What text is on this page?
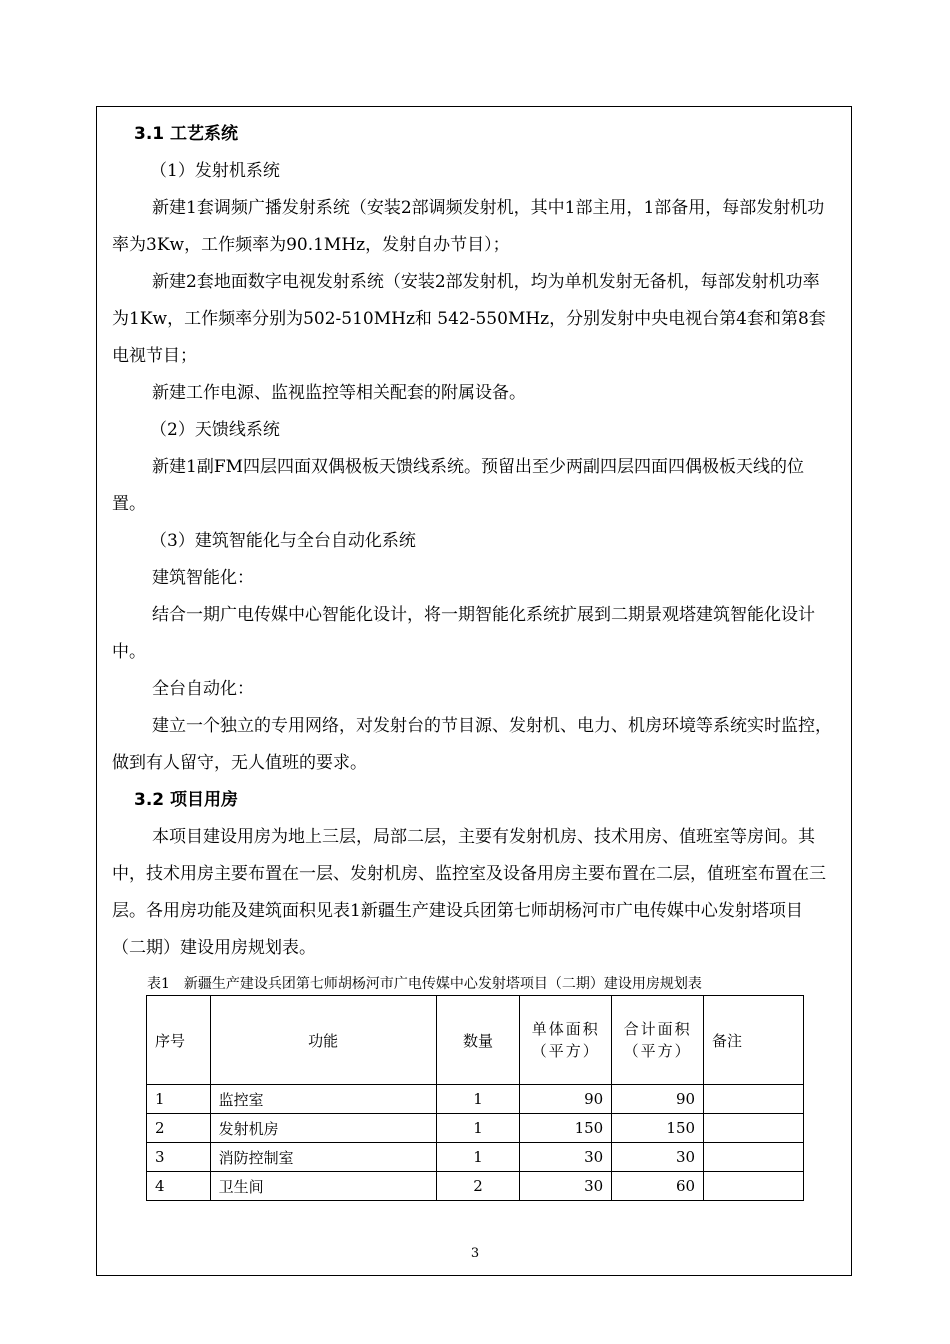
3.1 工艺系统

（1）发射机系统

新建1套调频广播发射系统（安装2部调频发射机，其中1部主用，1部备用，每部发射机功率为3Kw，工作频率为90.1MHz，发射自办节目）；

新建2套地面数字电视发射系统（安装2部发射机，均为单机发射无备机，每部发射机功率为1Kw，工作频率分别为502-510MHz和 542-550MHz，分别发射中央电视台第4套和第8套电视节目；

新建工作电源、监视监控等相关配套的附属设备。

（2）天馈线系统

新建1副FM四层四面双偶极板天馈线系统。预留出至少两副四层四面四偶极板天线的位置。

（3）建筑智能化与全台自动化系统

建筑智能化：

结合一期广电传媒中心智能化设计，将一期智能化系统扩展到二期景观塔建筑智能化设计中。

全台自动化：

建立一个独立的专用网络，对发射台的节目源、发射机、电力、机房环境等系统实时监控，做到有人留守，无人值班的要求。

3.2 项目用房

本项目建设用房为地上三层，局部二层，主要有发射机房、技术用房、值班室等房间。其中，技术用房主要布置在一层、发射机房、监控室及设备用房主要布置在二层，值班室布置在三层。各用房功能及建筑面积见表1新疆生产建设兵团第七师胡杨河市广电传媒中心发射塔项目（二期）建设用房规划表。

表1　新疆生产建设兵团第七师胡杨河市广电传媒中心发射塔项目（二期）建设用房规划表

序号	功能	数量	单体面积（平方）	合计面积（平方）	备注
1	监控室	1	90	90	
2	发射机房	1	150	150	
3	消防控制室	1	30	30	
4	卫生间	2	30	60	
3
